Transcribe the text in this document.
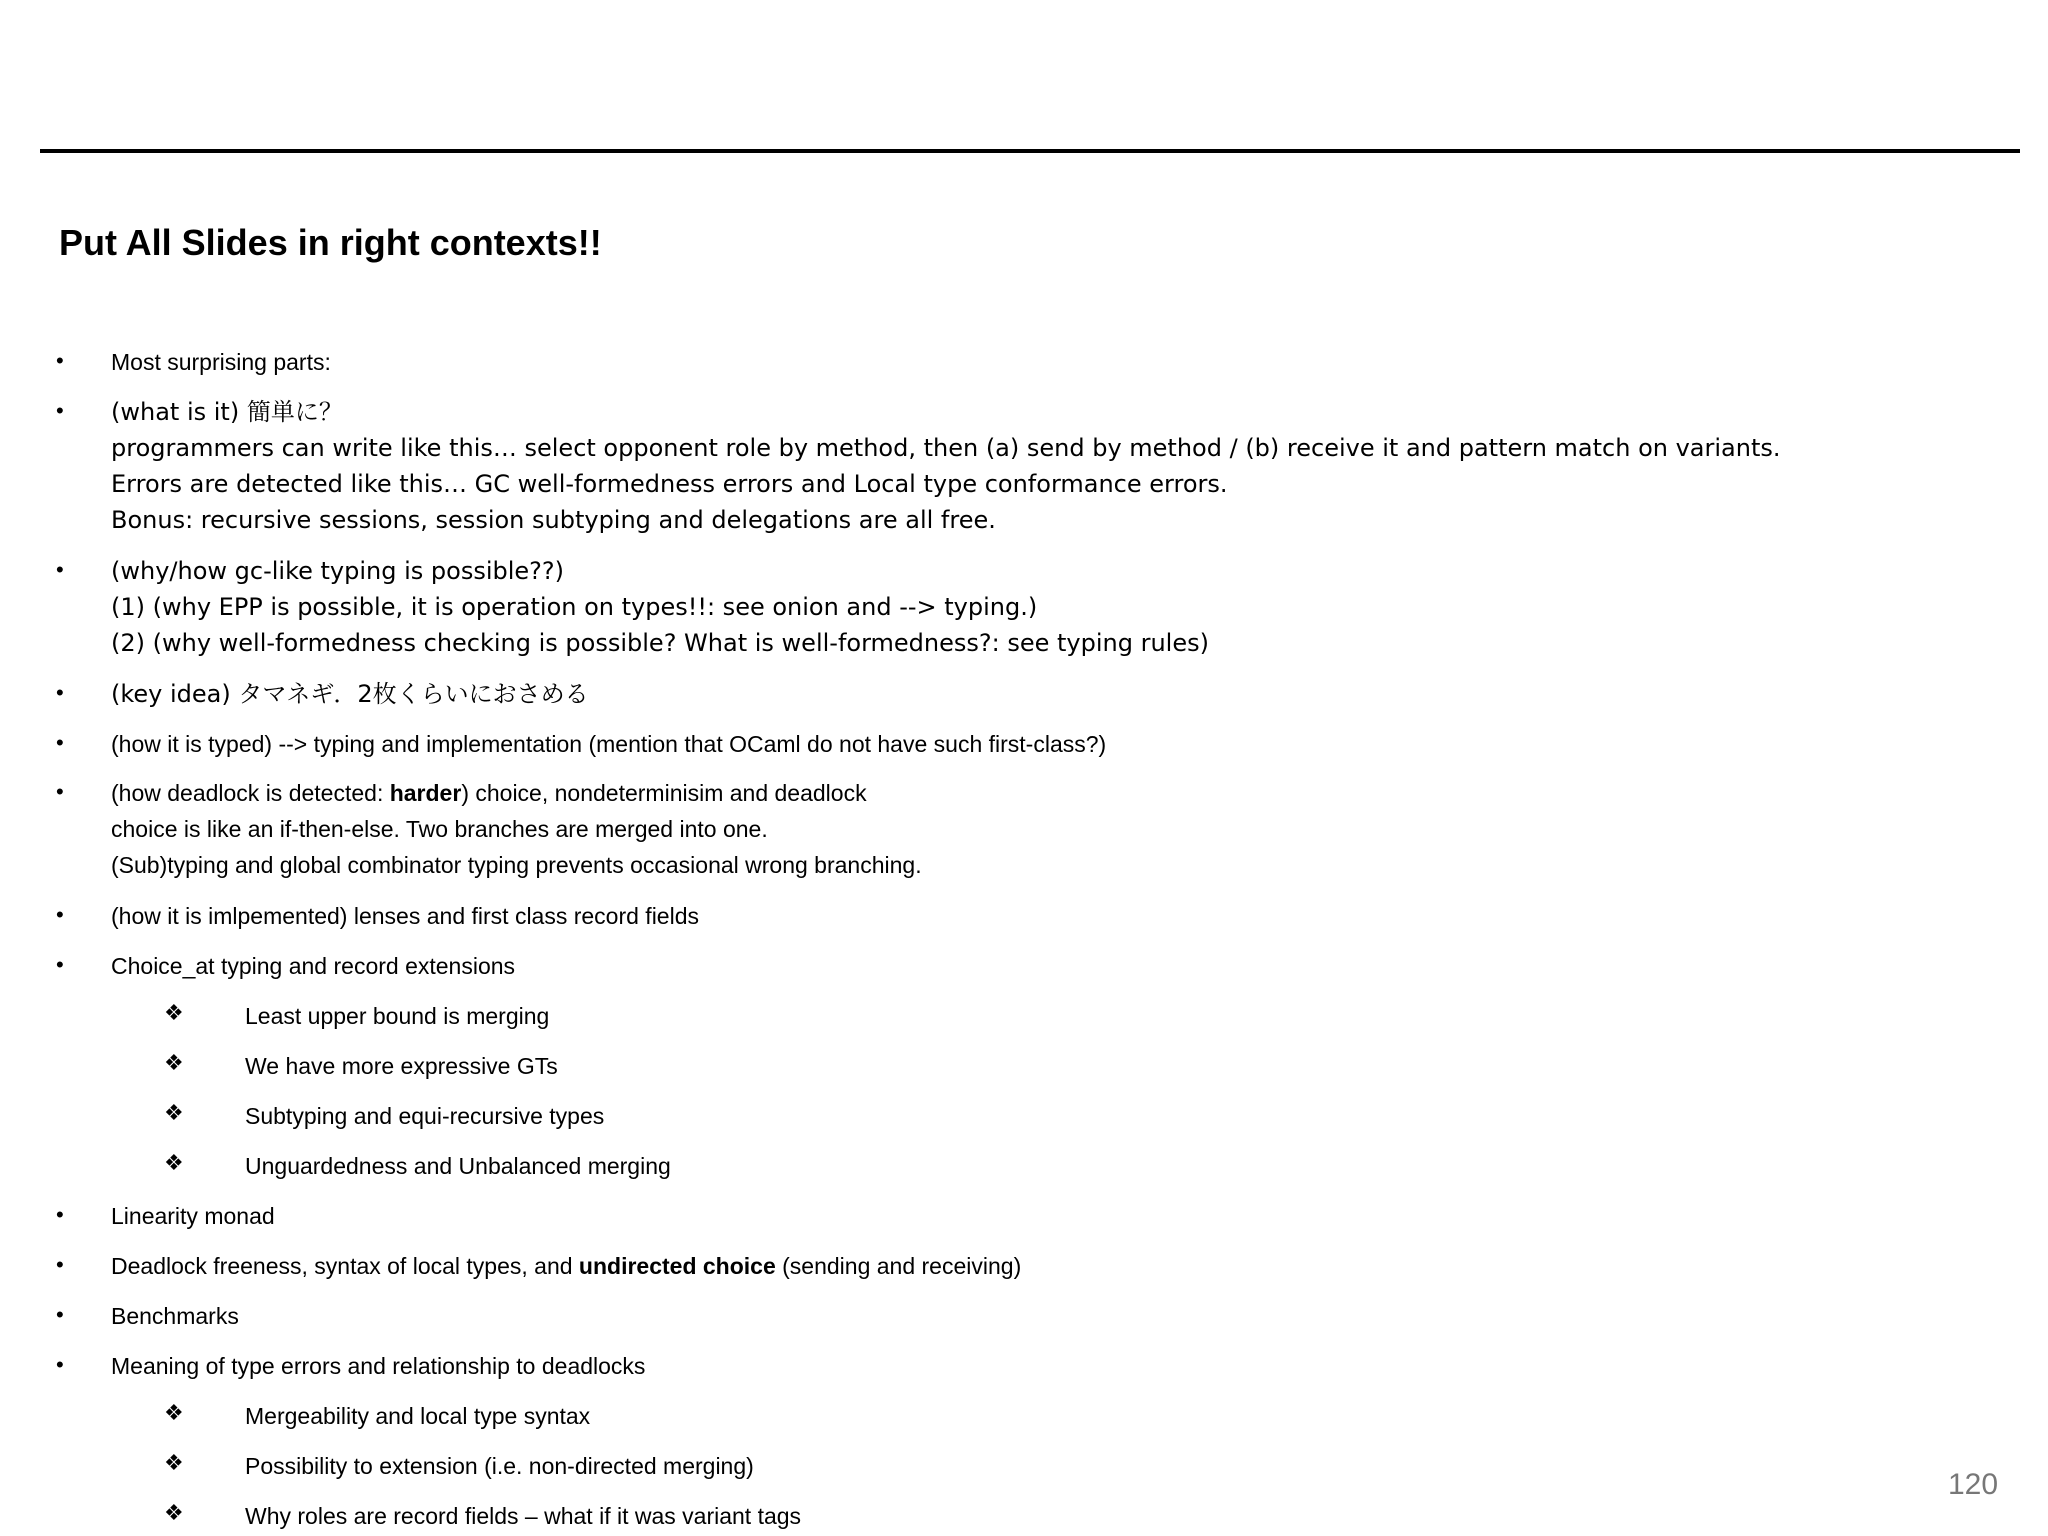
Put All Slides in right contexts!!
• Most surprising parts:
• (what is it) 簡単に？
programmers can write like this… select opponent role by method, then (a) send by method / (b) receive it and pattern match on variants.
Errors are detected like this… GC well-formedness errors and Local type conformance errors.
Bonus: recursive sessions, session subtyping and delegations are all free.
• (why/how gc-like typing is possible??)
(1) (why EPP is possible, it is operation on types!!: see onion and --> typing.)
(2) (why well-formedness checking is possible? What is well-formedness?: see typing rules)
• (key idea) タマネギ．2枚くらいにおさめる
• (how it is typed) --> typing and implementation (mention that OCaml do not have such first-class?)
• (how deadlock is detected: harder) choice, nondeterminisim and deadlock
choice is like an if-then-else. Two branches are merged into one.
(Sub)typing and global combinator typing prevents occasional wrong branching.
• (how it is imlpemented) lenses and first class record fields
• Choice_at typing and record extensions
❖	Least upper bound is merging
❖	We have more expressive GTs
❖	Subtyping and equi-recursive types
❖	Unguardedness and Unbalanced merging
• Linearity monad
• Deadlock freeness, syntax of local types, and undirected choice (sending and receiving)
• Benchmarks
• Meaning of type errors and relationship to deadlocks
❖	Mergeability and local type syntax
❖	Possibility to extension (i.e. non-directed merging)
❖	Why roles are record fields – what if it was variant tags
120
